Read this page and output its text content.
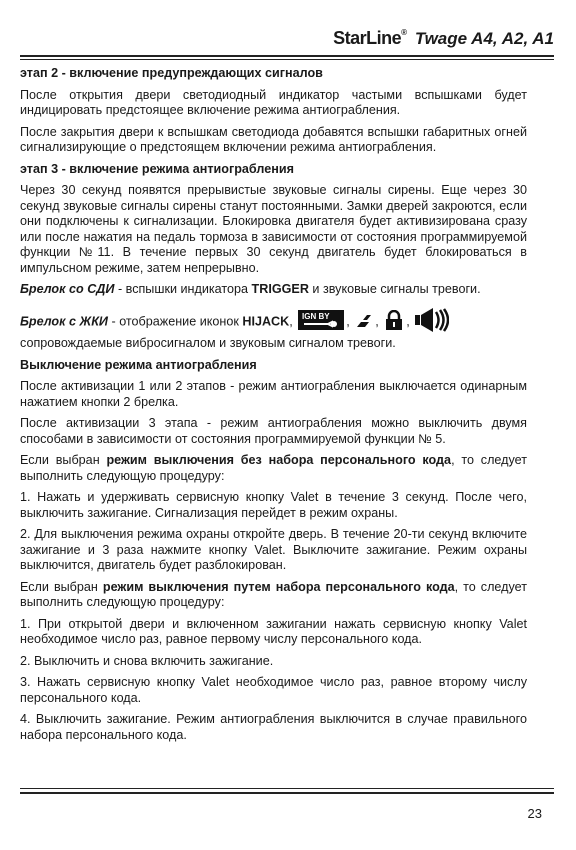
StarLine® Twage A4, A2, A1

этап 2 - включение предупреждающих сигналов

После открытия двери светодиодный индикатор частыми вспышками будет индицировать предстоящее включение режима антиограбления.

После закрытия двери к вспышкам светодиода добавятся вспышки габаритных огней сигнализирующие о предстоящем включении режима антиограбления.

этап 3 - включение режима антиограбления

Через 30 секунд появятся прерывистые звуковые сигналы сирены. Еще через 30 секунд звуковые сигналы сирены станут постоянными. Замки дверей закроются, если они подключены к сигнализации. Блокировка двигателя будет активизирована сразу или после нажатия на педаль тормоза в зависимости от состояния программируемой функции №11. В течение первых 30 секунд двигатель будет блокироваться в импульсном режиме, затем непрерывно.

Брелок со СДИ - вспышки индикатора TRIGGER и звуковые сигналы тревоги.

Брелок с ЖКИ - отображение иконок HIJACK, IGN BY , , ,
сопровождаемые вибросигналом и звуковым сигналом тревоги.

Выключение режима антиограбления

После активизации 1 или 2 этапов - режим антиограбления выключается одинарным нажатием кнопки 2 брелка.

После активизации 3 этапа - режим антиограбления можно выключить двумя способами в зависимости от состояния программируемой функции № 5.

Если выбран режим выключения без набора персонального кода, то следует выполнить следующую процедуру:

1. Нажать и удерживать сервисную кнопку Valet в течение 3 секунд. После чего, выключить зажигание. Сигнализация перейдет в режим охраны.

2. Для выключения режима охраны откройте дверь. В течение 20-ти секунд включите зажигание и 3 раза нажмите кнопку Valet. Выключите зажигание. Режим охраны выключится, двигатель будет разблокирован.

Если выбран режим выключения путем набора персонального кода, то следует выполнить следующую процедуру:

1. При открытой двери и включенном зажигании нажать сервисную кнопку Valet необходимое число раз, равное первому числу персонального кода.

2. Выключить и снова включить зажигание.

3. Нажать сервисную кнопку Valet необходимое число раз, равное второму числу персонального кода.

4. Выключить зажигание. Режим антиограбления выключится в случае правильного набора персонального кода.

23
